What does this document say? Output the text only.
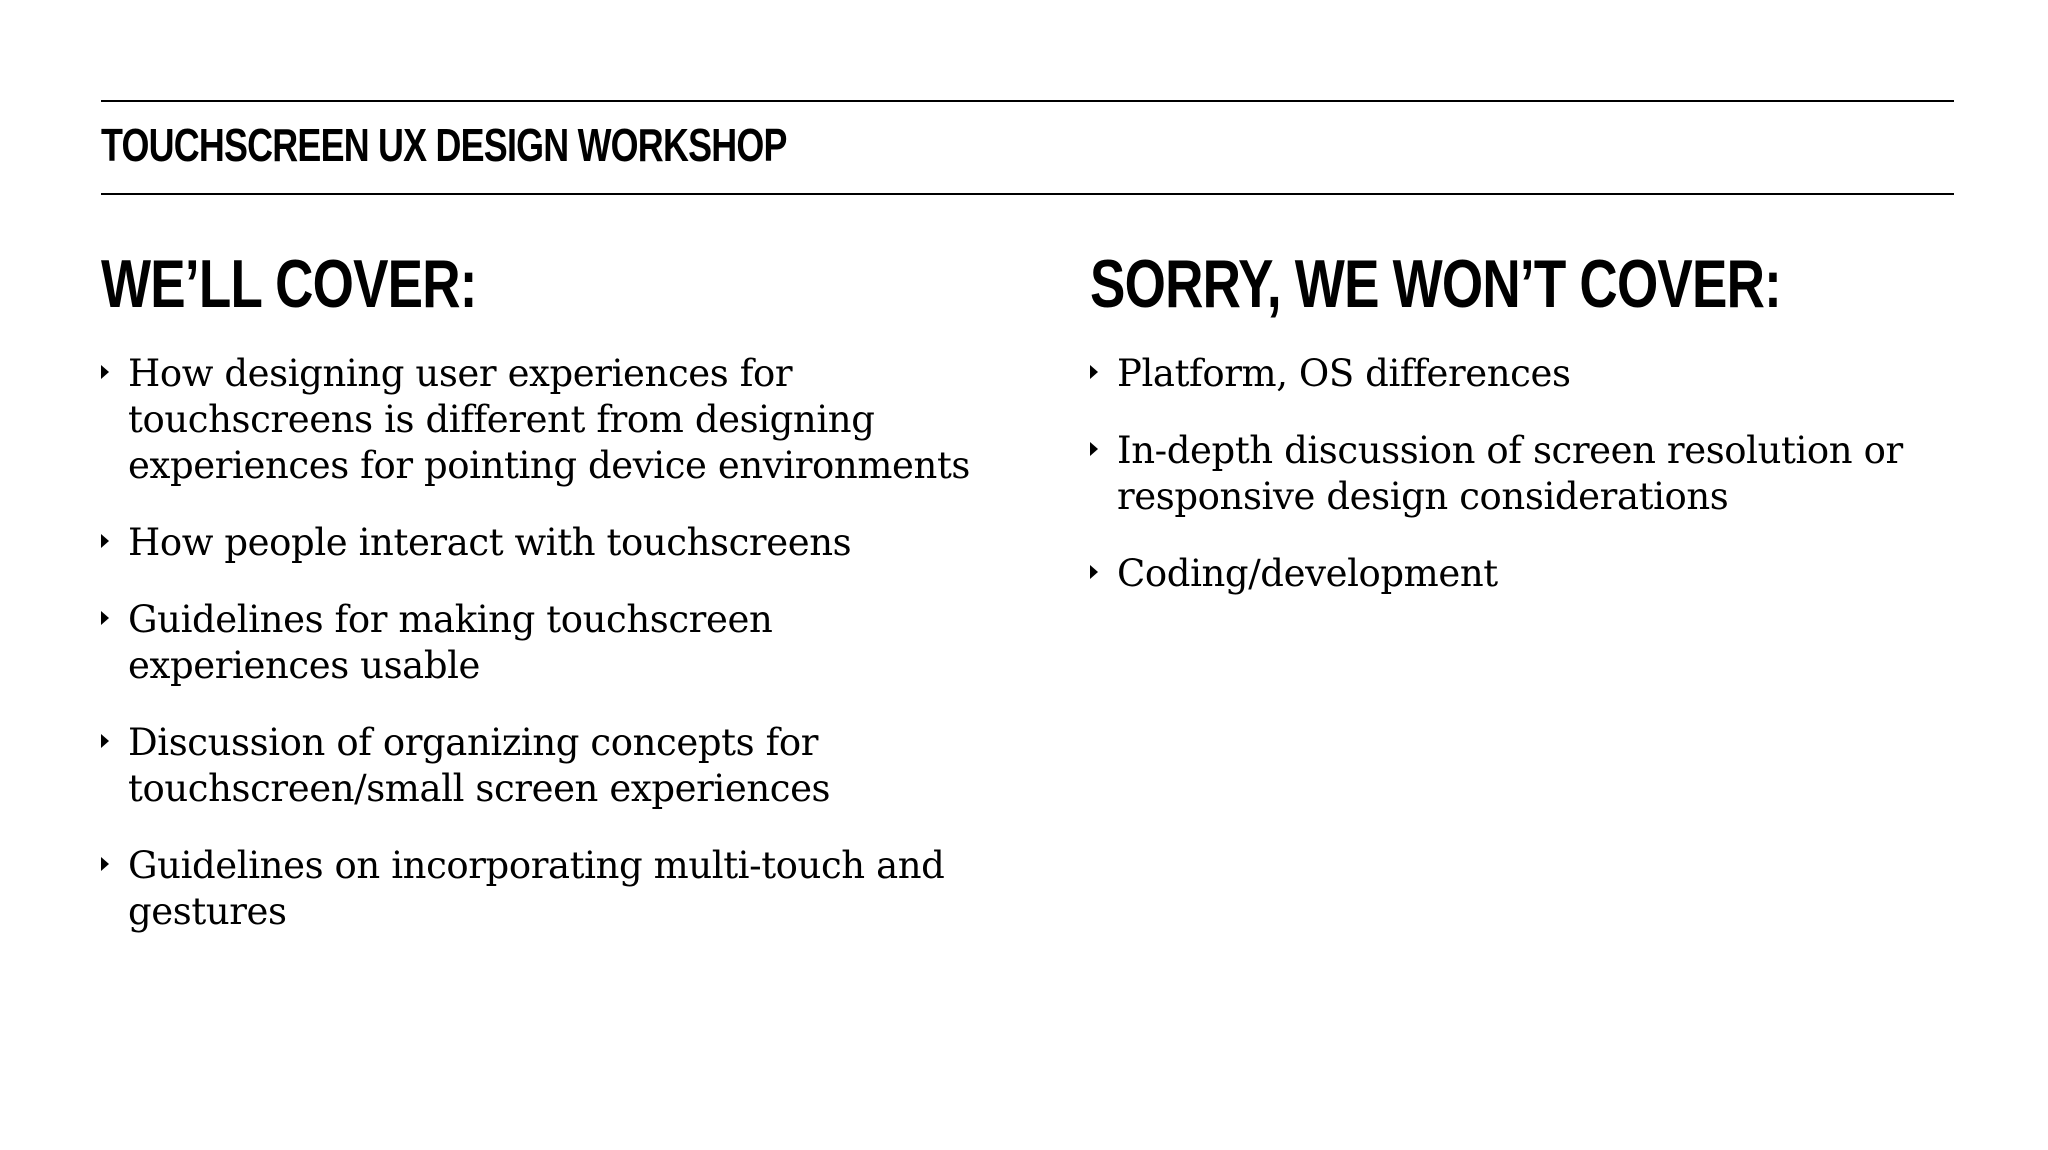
TOUCHSCREEN UX DESIGN WORKSHOP
WE’LL COVER:
How designing user experiences for touchscreens is different from designing experiences for pointing device environments
How people interact with touchscreens
Guidelines for making touchscreen experiences usable
Discussion of organizing concepts for touchscreen/small screen experiences
Guidelines on incorporating multi-touch and gestures
SORRY, WE WON’T COVER:
Platform, OS differences
In-depth discussion of screen resolution or responsive design considerations
Coding/development
